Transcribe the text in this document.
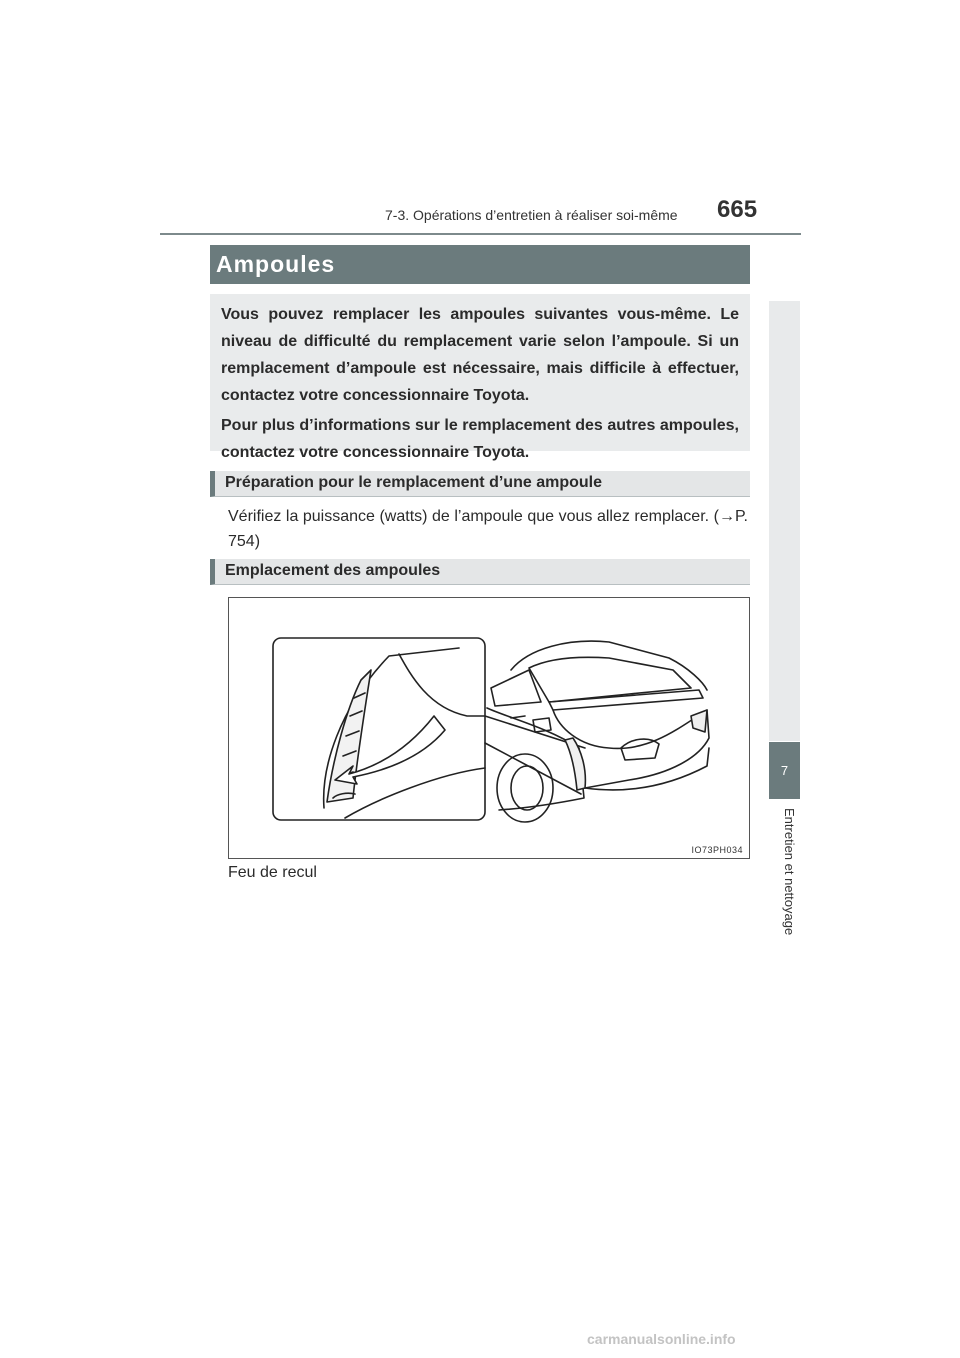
7-3. Opérations d’entretien à réaliser soi-même 665
Ampoules

Vous pouvez remplacer les ampoules suivantes vous-même. Le niveau de difficulté du remplacement varie selon l’ampoule. Si un remplacement d’ampoule est nécessaire, mais difficile à effectuer, contactez votre concessionnaire Toyota.

Pour plus d’informations sur le remplacement des autres ampoules, contactez votre concessionnaire Toyota.

Préparation pour le remplacement d’une ampoule

Vérifiez la puissance (watts) de l’ampoule que vous allez remplacer. (→P. 754)

Emplacement des ampoules
IO73PH034
Feu de recul
7
Entretien et nettoyage
carmanualsonline.info
